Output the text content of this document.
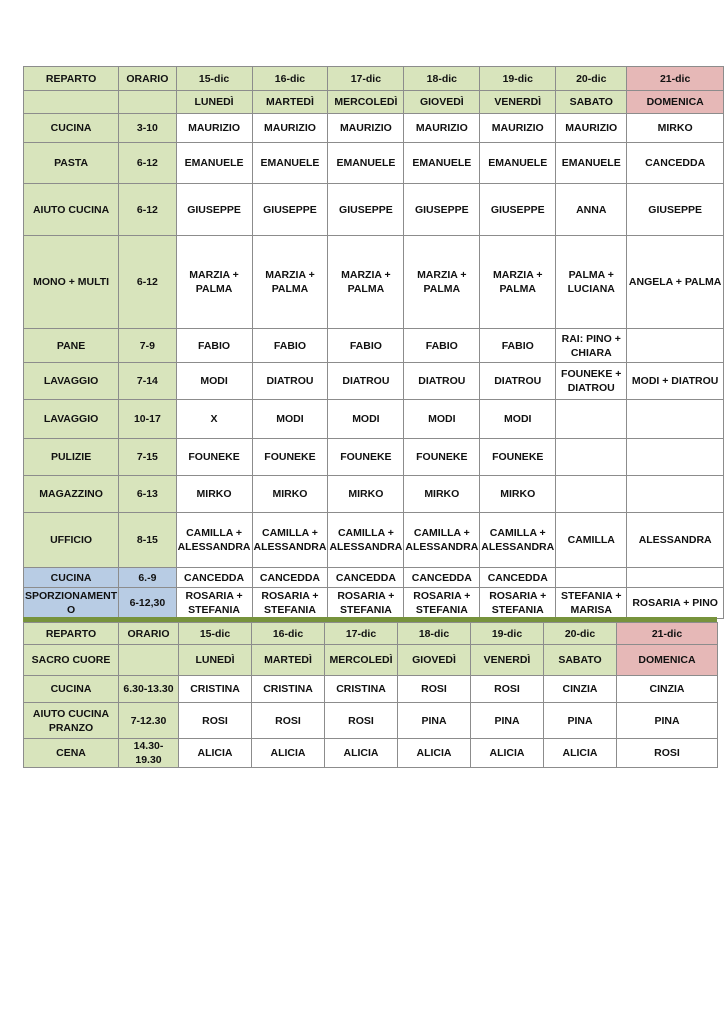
REPARTO	ORARIO	15-dic	16-dic	17-dic	18-dic	19-dic	20-dic	21-dic
		LUNEDÌ	MARTEDÌ	MERCOLEDÌ	GIOVEDÌ	VENERDÌ	SABATO	DOMENICA
CUCINA	3-10	MAURIZIO	MAURIZIO	MAURIZIO	MAURIZIO	MAURIZIO	MAURIZIO	MIRKO
PASTA	6-12	EMANUELE	EMANUELE	EMANUELE	EMANUELE	EMANUELE	EMANUELE	CANCEDDA
AIUTO CUCINA	6-12	GIUSEPPE	GIUSEPPE	GIUSEPPE	GIUSEPPE	GIUSEPPE	ANNA	GIUSEPPE
MONO + MULTI	6-12	MARZIA + PALMA	MARZIA + PALMA	MARZIA + PALMA	MARZIA + PALMA	MARZIA + PALMA	PALMA + LUCIANA	ANGELA + PALMA
PANE	7-9	FABIO	FABIO	FABIO	FABIO	FABIO	RAI: PINO + CHIARA	
LAVAGGIO	7-14	MODI	DIATROU	DIATROU	DIATROU	DIATROU	FOUNEKE + DIATROU	MODI + DIATROU
LAVAGGIO	10-17	X	MODI	MODI	MODI	MODI		
PULIZIE	7-15	FOUNEKE	FOUNEKE	FOUNEKE	FOUNEKE	FOUNEKE		
MAGAZZINO	6-13	MIRKO	MIRKO	MIRKO	MIRKO	MIRKO		
UFFICIO	8-15	CAMILLA + ALESSANDRA	CAMILLA + ALESSANDRA	CAMILLA + ALESSANDRA	CAMILLA + ALESSANDRA	CAMILLA + ALESSANDRA	CAMILLA	ALESSANDRA
CUCINA	6.-9	CANCEDDA	CANCEDDA	CANCEDDA	CANCEDDA	CANCEDDA		
SPORZIONAMENT O	6-12,30	ROSARIA + STEFANIA	ROSARIA + STEFANIA	ROSARIA + STEFANIA	ROSARIA + STEFANIA	ROSARIA + STEFANIA	STEFANIA + MARISA	ROSARIA + PINO
REPARTO	ORARIO	15-dic	16-dic	17-dic	18-dic	19-dic	20-dic	21-dic
SACRO CUORE		LUNEDÌ	MARTEDÌ	MERCOLEDÌ	GIOVEDÌ	VENERDÌ	SABATO	DOMENICA
CUCINA	6.30-13.30	CRISTINA	CRISTINA	CRISTINA	ROSI	ROSI	CINZIA	CINZIA
AIUTO CUCINA PRANZO	7-12.30	ROSI	ROSI	ROSI	PINA	PINA	PINA	PINA
CENA	14.30- 19.30	ALICIA	ALICIA	ALICIA	ALICIA	ALICIA	ALICIA	ROSI
